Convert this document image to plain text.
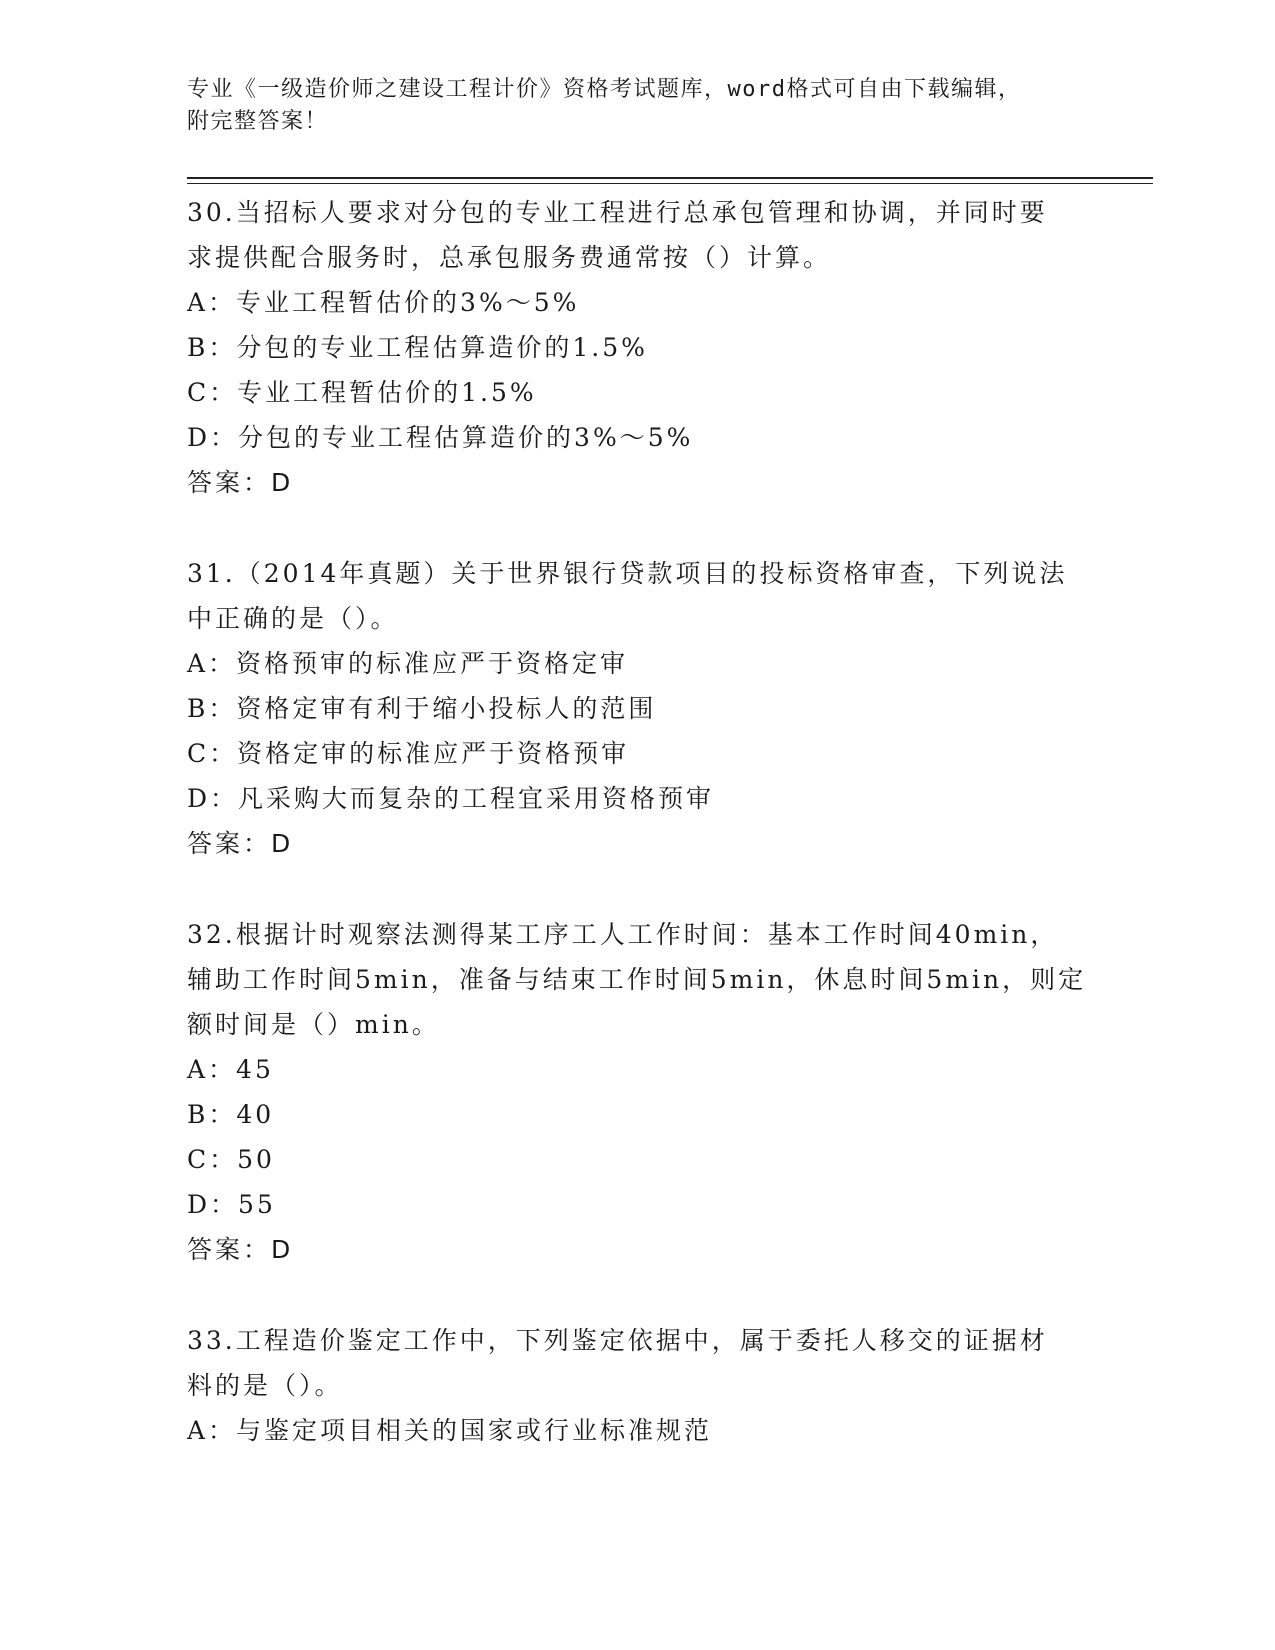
专业《一级造价师之建设工程计价》资格考试题库，word格式可自由下载编辑，
附完整答案！
30.当招标人要求对分包的专业工程进行总承包管理和协调，并同时要
求提供配合服务时，总承包服务费通常按（）计算。
A：专业工程暂估价的3%～5%
B：分包的专业工程估算造价的1.5%
C：专业工程暂估价的1.5%
D：分包的专业工程估算造价的3%～5%
答案：D
31.（2014年真题）关于世界银行贷款项目的投标资格审查，下列说法
中正确的是（）。
A：资格预审的标准应严于资格定审
B：资格定审有利于缩小投标人的范围
C：资格定审的标准应严于资格预审
D：凡采购大而复杂的工程宜采用资格预审
答案：D
32.根据计时观察法测得某工序工人工作时间：基本工作时间40min，
辅助工作时间5min，准备与结束工作时间5min，休息时间5min，则定
额时间是（）min。
A：45
B：40
C：50
D：55
答案：D
33.工程造价鉴定工作中，下列鉴定依据中，属于委托人移交的证据材
料的是（）。
A：与鉴定项目相关的国家或行业标准规范
